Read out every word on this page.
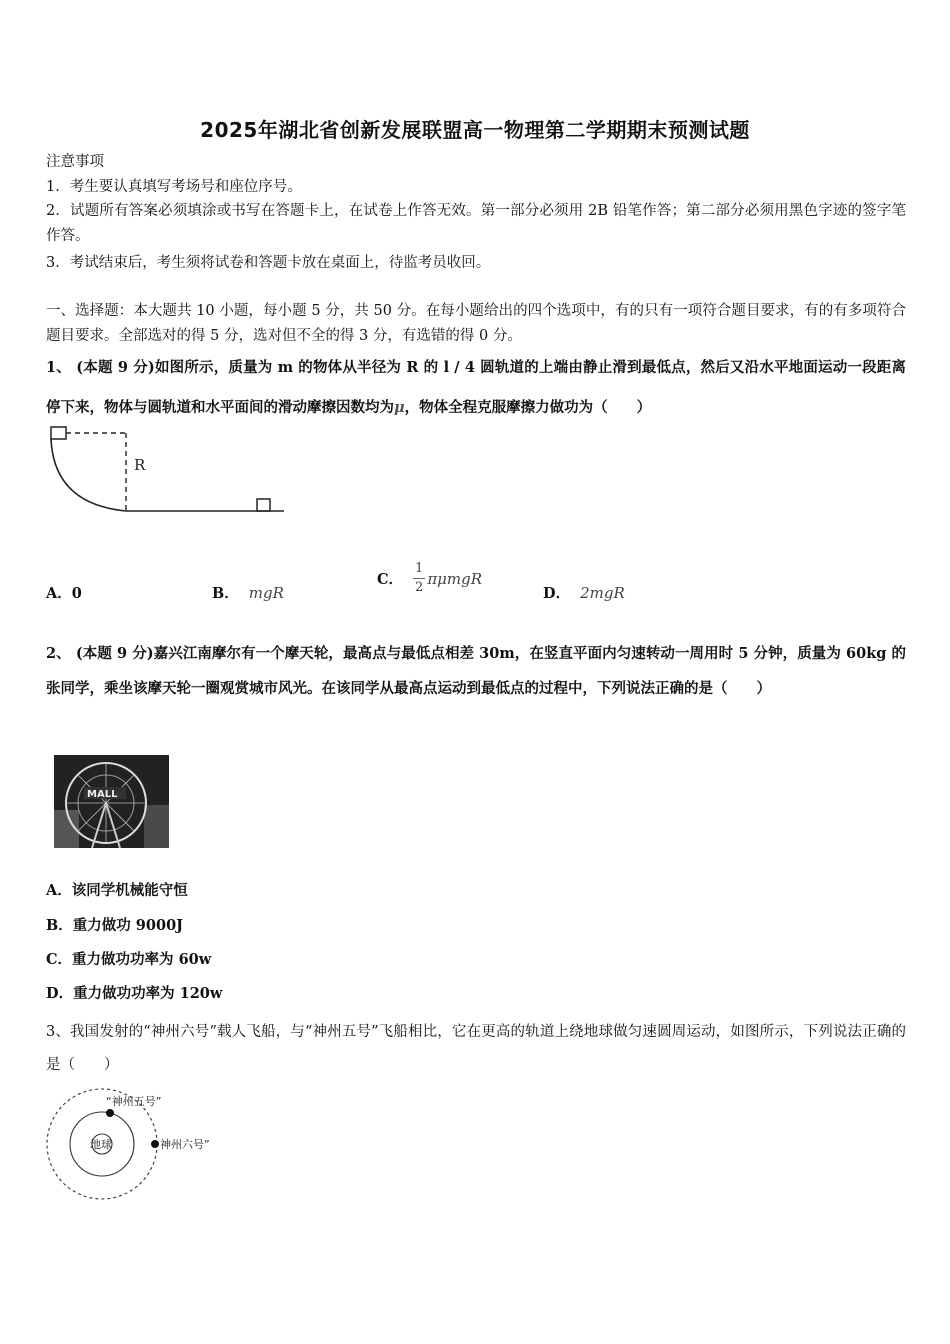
2025年湖北省创新发展联盟高一物理第二学期期末预测试题
注意事项
1．考生要认真填写考场号和座位序号。
2．试题所有答案必须填涂或书写在答题卡上，在试卷上作答无效。第一部分必须用 2B 铅笔作答；第二部分必须用黑色字迹的签字笔作答。
3．考试结束后，考生须将试卷和答题卡放在桌面上，待监考员收回。
一、选择题：本大题共 10 小题，每小题 5 分，共 50 分。在每小题给出的四个选项中，有的只有一项符合题目要求，有的有多项符合题目要求。全部选对的得 5 分，选对但不全的得 3 分，有选错的得 0 分。
1、 (本题 9 分)如图所示，质量为 m 的物体从半径为 R 的 l / 4 圆轨道的上端由静止滑到最低点，然后又沿水平地面运动一段距离停下来，物体与圆轨道和水平面间的滑动摩擦因数均为μ，物体全程克服摩擦力做功为（　　）
R
A．0	B． mgR
C． $\frac{1}{2}$ πμmgR
D． 2mgR
2、 (本题 9 分)嘉兴江南摩尔有一个摩天轮，最高点与最低点相差 30m，在竖直平面内匀速转动一周用时 5 分钟，质量为 60kg 的张同学，乘坐该摩天轮一圈观赏城市风光。在该同学从最高点运动到最低点的过程中，下列说法正确的是（　　）
MALL
A．该同学机械能守恒
B．重力做功 9000J
C．重力做功功率为 60w
D．重力做功功率为 120w
3、我国发射的“神州六号”载人飞船，与“神州五号”飞船相比，它在更高的轨道上绕地球做匀速圆周运动，如图所示，下列说法正确的是（　　）
地球
“神州五号”
神州六号”
